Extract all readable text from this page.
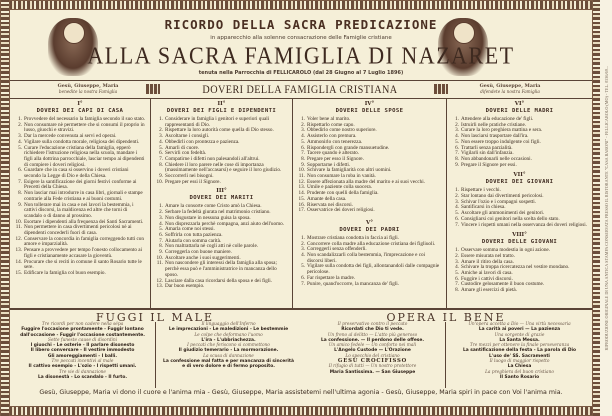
RIPRODUZIONE ORIGINALE DI UNA ANTICA STAMPA CONSERVATA PRESSO IL RISTORANTE "CASA BARONI" - FELLICAROLO (MO) - TEL. 0536/69...
RICORDO DELLA SACRA PREDICAZIONE
in apparecchio alla solenne consacrazione delle Famiglie cristiane
ALLA SACRA FAMIGLIA DI NAZARET
tenuta nella Parrocchia di FELLICAROLO (dal 28 Giugno al 7 Luglio 1896)
Gesù, Giuseppe, Maria
benedite la nostra Famiglia	DOVERI DELLA FAMIGLIA CRISTIANA	Gesù, Giuseppe, Maria
difendete la nostra Famiglia
I°
DOVERI DEI CAPI DI CASA
Provvedere del necessario la famiglia secondo il suo stato.
Non consumare nè permettere che si consumi il proprio in lusso, giuochi e stravizi.
Dar la mercede convenuta ai servi ed operai.
Vigilare sulla condotta morale, religiosa dei dipendenti.
Curare l'educazione cristiana della famiglia, epperò richiedere l'istruzione religiosa nella scuola, mandare i figli alla dottrina parrocchiale, lasciar tempo ai dipendenti di compiere i doveri religiosi.
Guardare che in casa si osservino i doveri cristiani secondo la Legge di Dio e della Chiesa.
Esigere la santificazione dei giorni festivi conforme ai Precetti della Chiesa.
Non lasciar mai introdurre in casa libri, giornali e stampe contrarie alla Fede cristiana e ai buoni costumi.
Non tollerare mai in casa e nei lavori la bestemmia, i cattivi discorsi, la maldicenza ed altre che torni di scandalo o di danno al prossimo.
Esortare i dipendenti alla frequenza dei Santi Sacramenti.
Non permettere in casa divertimenti pericolosi nè ai dipendenti concederli fuori di casa.
Conservare la concordia in famiglia correggendo tutti con amore e imparzialità.
Pensare a provvedere per tempo l'onesto collocamento ai figli e cristianamente accasare la gioventù.
Procurare che si reciti in comune il santo Rosario tutte le sere.
Edificare la famiglia col buon esempio.
II°
DOVERI DEI FIGLI E DIPENDENTI
Considerare in famiglia i genitori e superiori quali rappresentanti di Dio.
Rispettare la loro autorità come quella di Dio stesso.
Ascoltarne i consigli.
Obbedirli con prontezza e pazienza.
Amarli di cuore.
Servirli con fedeltà.
Compatirne i difetti non palesandoli all'altrui.
Chiedere il loro parere nelle cose di importanza (massimamente nell'accasarsi) e seguire il loro giudizio.
Soccorrerli nei bisogni.
Pregare per essi il Signore.
III°
DOVERI DEI MARITI
Amare la consorte come Cristo amò la Chiesa.
Serbare la fedeltà giurata nel matrimonio cristiano.
Non disgustare in nessuna guisa la sposa.
Non disprezzarla perchè compagna, anzi aiuto dell'uomo.
Amarla come noi stessi.
Soffrirla con tutta pazienza.
Aiutarla con somma carità.
Non maltrattarla nè cogli atti nè colle parole.
Correggerla con buone maniere.
Ascoltare anche i suoi suggerimenti.
Non nascondere gli interessi della famiglia alla sposa; perchè essa può e l'amministratrice in mancanza dello sposo.
Lasciare dalla casa ricordarsi della sposa e dei figli.
Dar buon esempio.
IV°
DOVERI DELLE SPOSE
Voler bene al marito.
Rispettarlo come capo.
Obbedirlo come nostro superiore.
Assisterlo con premura.
Ammonirlo con tenerezza.
Rispondergli con grande mansuetudine.
Tacere quando è alterato.
Pregare per esso il Signore.
Sopportarne i difetti.
Schivare la famigliarità con altri uomini.
Non consumare la roba in vanità.
Essere affezionata alla madre del marito e ai suoi vecchi.
Umile e paziente colla suocera.
Prudente con quelli della famiglia.
Amante della casa.
Riservata nei discorsi.
Osservatrice dei doveri religiosi.
V°
DOVERI DEI PADRI
Mostrare cristiana condotta in faccia ai figli.
Concorrere colla madre alla educazione cristiana dei figliuoli.
Correggerli senza offenderli.
Non scandalizzarli colla bestemmia, l'imprecazione e coi discorsi liberi.
Vigilare sulla condotta dei figli, allontanandoli dalle compagnie pericolose.
Far rispettare la madre.
Punire, quand'occorre, la mancanza de' figli.
VI°
DOVERI DELLE MADRI
Attendere alla educazione de' figli.
Istruirli nelle pratiche cristiane.
Curare la loro preghiera mattina e sera.
Non lasciarsi trasportare dall'ira.
Non essere troppo indulgente coi figli.
Trattarli senza parzialità.
Vigilarli sin dall'infanzia.
Non abbandonarli nelle occasioni.
Pregare il Signore per essi.
VII°
DOVERI DEI GIOVANI
Rispettare i vecchi.
Star lontano dai divertimenti pericolosi.
Schivar l'ozio e i compagni sospetti.
Santificarsi in chiesa.
Ascoltare gli ammonimenti dei genitori.
Consigliarsi coi genitori nella scelta dello stato.
Vincere i rispetti umani nella osservanza dei doveri religiosi.
VIII°
DOVERI DELLE GIOVANI
Osservare somma modestia in ogni azione.
Essere misurata nel tratto.
Amare il ritiro della casa.
Schivare la troppa ricercatezza nel vestire mondano.
Amiche ai lavori di casa.
Fuggire i cattivi discorsi.
Custodire gelosamente il buon costume.
Amare gli esercizi di pietà.
FUGGI IL MALE	OPERA IL BENE
Tre ricordi per non cadere nella sépa
Fuggire l'occasione prontamente - Fuggir lontano
dall'occasione - Fuggir l'occasione costantemente.
Sette funeste cause di disordini
I giuochi - Le osterie - Il parlare disonesto
Il libero conversare - Il vestire immodesto
Gli amoreggiamenti - I balli.
Tre peccati incentivi al male
Il cattivo esempio - L'ozio - I rispetti umani.
Tre vie di dannazione
La disonestà - Lo scandalo - Il furto.
Il linguaggio dell'Inferno
Le imprecazioni - Le maledizioni - Le bestemmie
Le colpe che deformano l'uomo
L'ira - L'ubbriachezza.
I peccati che feriscono si commettono
Il giudizio temerario - La mormorazione.
La scusa di dannazione
La confessione mal fatta e per mancanza di sincerità
e di vero dolore e di fermo proposito.
Il preservativo contro il peccato
Ricordati che Dio ti vede.
Un freno al delitto — L'atto più generoso
La confessione. — Il perdono delle offese.
Un amico fedele — Un conforto nei mali
L'Angelo Custode — L'Orazione
Lo specchio del cristiano
GESÙ CROCIFISSO
Il rifugio di tutti — Un nostro protettore
Maria Santissima. — San Giuseppe
Un'opera accetta a Dio — Una virtù necessaria
La carità ai poveri — La pazienza
Una sorgente di grazie
La Santa Messa.
Tre mezzi per ottenere la finale perseveranza
La santificazione della festa - La parola di Dio
L'uso de' SS. Sacramenti
Il luogo di maggior rispetto
La Chiesa
La preghiera del buon cristiano
Il Santo Rosario
Gesù, Giuseppe, Maria vi dono il cuore e l'anima mia - Gesù, Giuseppe, Maria assistetemi nell'ultima agonia - Gesù, Giuseppe, Maria spiri in pace con Voi l'anima mia.
